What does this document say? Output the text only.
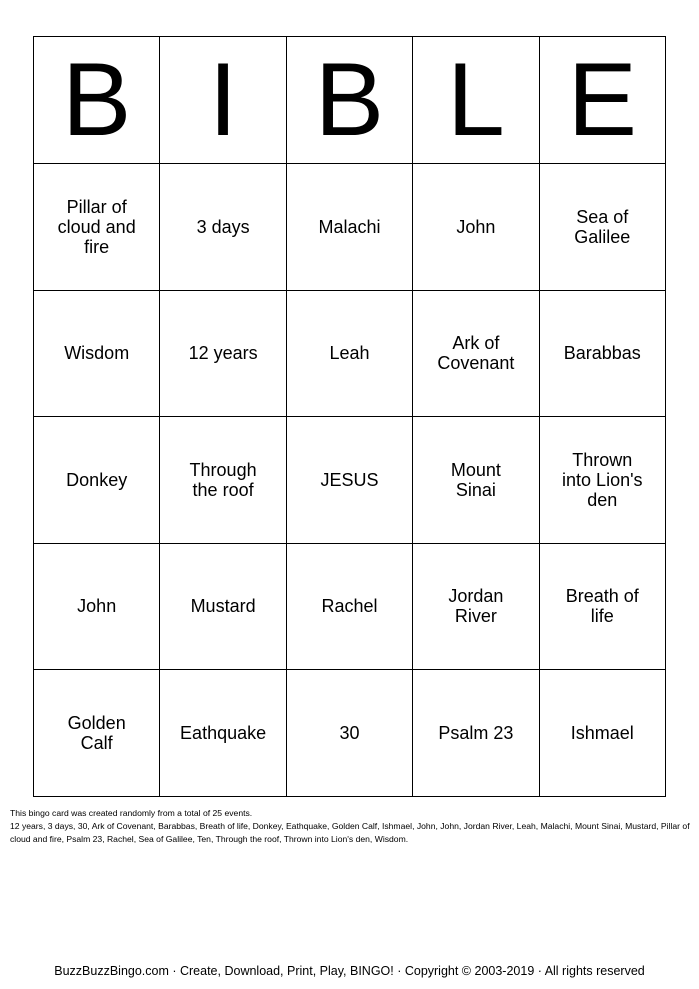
B	I	B	L	E
Pillar of cloud and fire	3 days	Malachi	John	Sea of Galilee
Wisdom	12 years	Leah	Ark of Covenant	Barabbas
Donkey	Through the roof	JESUS	Mount Sinai	Thrown into Lion's den
John	Mustard	Rachel	Jordan River	Breath of life
Golden Calf	Eathquake	30	Psalm 23	Ishmael

This bingo card was created randomly from a total of 25 events.

12 years, 3 days, 30, Ark of Covenant, Barabbas, Breath of life, Donkey, Eathquake, Golden Calf, Ishmael, John, John, Jordan River, Leah, Malachi, Mount Sinai, Mustard, Pillar of cloud and fire, Psalm 23, Rachel, Sea of Galilee, Ten, Through the roof, Thrown into Lion's den, Wisdom.

BuzzBuzzBingo.com · Create, Download, Print, Play, BINGO! · Copyright © 2003-2019 · All rights reserved
